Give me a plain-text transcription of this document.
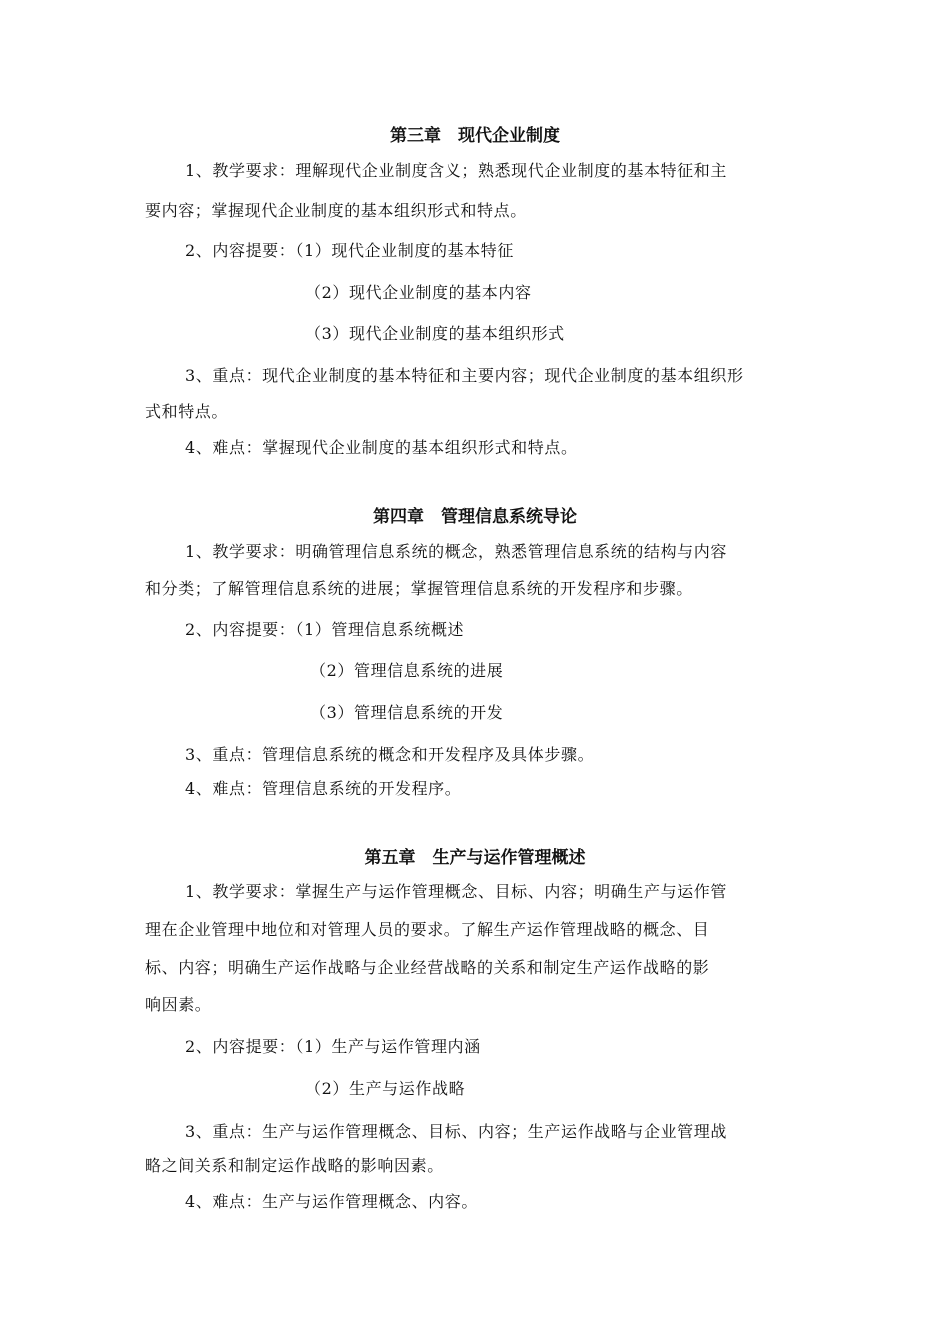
第三章　现代企业制度
1、教学要求：理解现代企业制度含义；熟悉现代企业制度的基本特征和主
要内容；掌握现代企业制度的基本组织形式和特点。
2、内容提要：（1）现代企业制度的基本特征
（2）现代企业制度的基本内容
（3）现代企业制度的基本组织形式
3、重点：现代企业制度的基本特征和主要内容；现代企业制度的基本组织形
式和特点。
4、难点：掌握现代企业制度的基本组织形式和特点。
第四章　管理信息系统导论
1、教学要求：明确管理信息系统的概念，熟悉管理信息系统的结构与内容
和分类；了解管理信息系统的进展；掌握管理信息系统的开发程序和步骤。
2、内容提要：（1）管理信息系统概述
（2）管理信息系统的进展
（3）管理信息系统的开发
3、重点：管理信息系统的概念和开发程序及具体步骤。
4、难点：管理信息系统的开发程序。
第五章　生产与运作管理概述
1、教学要求：掌握生产与运作管理概念、目标、内容；明确生产与运作管
理在企业管理中地位和对管理人员的要求。了解生产运作管理战略的概念、目
标、内容；明确生产运作战略与企业经营战略的关系和制定生产运作战略的影
响因素。
2、内容提要：（1）生产与运作管理内涵
（2）生产与运作战略
3、重点：生产与运作管理概念、目标、内容；生产运作战略与企业管理战
略之间关系和制定运作战略的影响因素。
4、难点：生产与运作管理概念、内容。
